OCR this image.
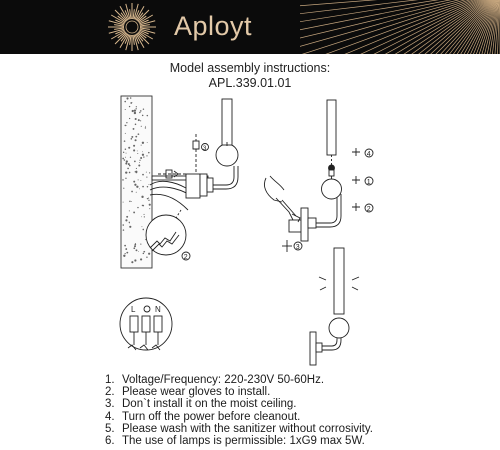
Aployt
Model assembly instructions:
APL.339.01.01
3
2
L N
3
4
1
2
1. Voltage/Frequency: 220-230V 50-60Hz.
2. Please wear gloves to install.
3. Don`t install it on the moist ceiling.
4. Turn off the power before cleanout.
5. Please wash with the sanitizer without corrosivity.
6. The use of lamps is permissible: 1xG9 max 5W.
